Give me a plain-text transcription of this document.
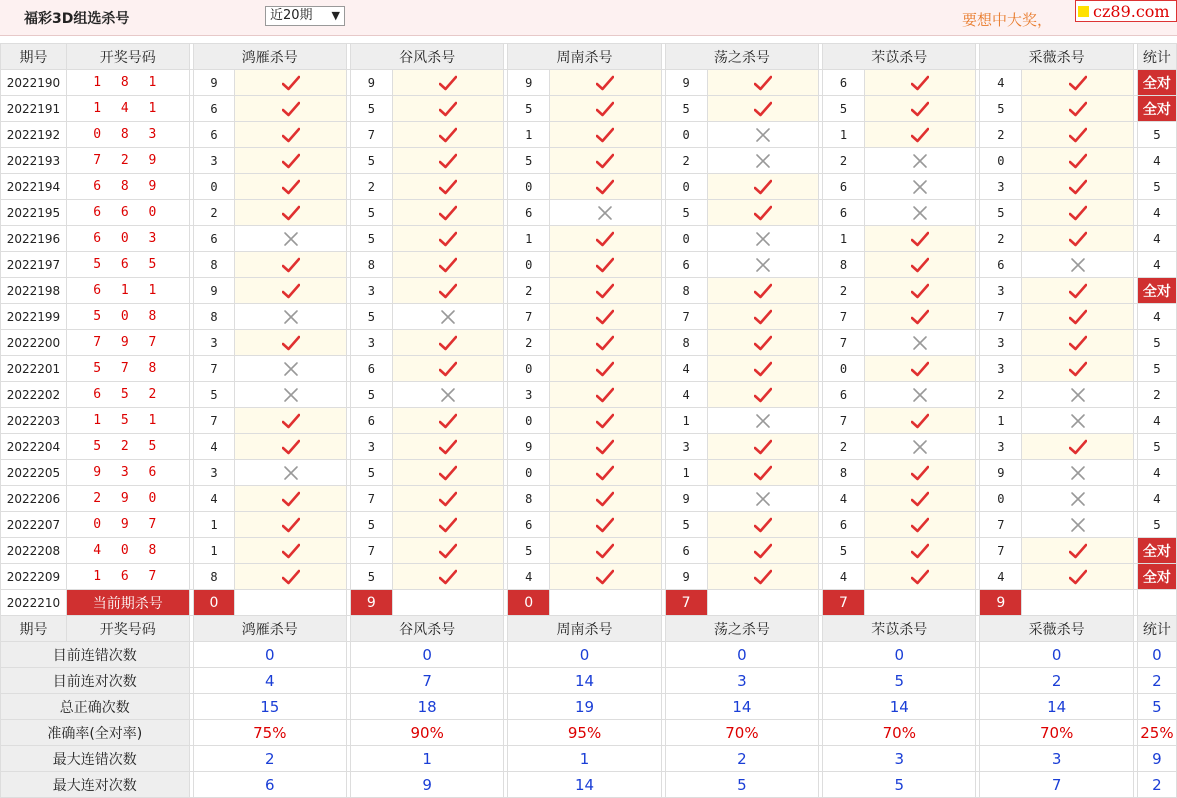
福彩3D组选杀号	近20期 ▼	要想中大奖，	cz89.com
期号	开奖号码		鸿雁杀号			谷风杀号			周南杀号			荡之杀号			芣苡杀号			采薇杀号			统计
2022190	1 8 1		9			9			9			9			6			4			全对
2022191	1 4 1		6			5			5			5			5			5			全对
2022192	0 8 3		6			7			1			0			1			2			5
2022193	7 2 9		3			5			5			2			2			0			4
2022194	6 8 9		0			2			0			0			6			3			5
2022195	6 6 0		2			5			6			5			6			5			4
2022196	6 0 3		6			5			1			0			1			2			4
2022197	5 6 5		8			8			0			6			8			6			4
2022198	6 1 1		9			3			2			8			2			3			全对
2022199	5 0 8		8			5			7			7			7			7			4
2022200	7 9 7		3			3			2			8			7			3			5
2022201	5 7 8		7			6			0			4			0			3			5
2022202	6 5 2		5			5			3			4			6			2			2
2022203	1 5 1		7			6			0			1			7			1			4
2022204	5 2 5		4			3			9			3			2			3			5
2022205	9 3 6		3			5			0			1			8			9			4
2022206	2 9 0		4			7			8			9			4			0			4
2022207	0 9 7		1			5			6			5			6			7			5
2022208	4 0 8		1			7			5			6			5			7			全对
2022209	1 6 7		8			5			4			9			4			4			全对
2022210	当前期杀号		0			9			0			7			7			9			
期号	开奖号码		鸿雁杀号			谷风杀号			周南杀号			荡之杀号			芣苡杀号			采薇杀号			统计
目前连错次数			0			0			0			0			0			0			0
目前连对次数			4			7			14			3			5			2			2
总正确次数			15			18			19			14			14			14			5
准确率(全对率)			75%			90%			95%			70%			70%			70%			25%
最大连错次数			2			1			1			2			3			3			9
最大连对次数			6			9			14			5			5			7			2
